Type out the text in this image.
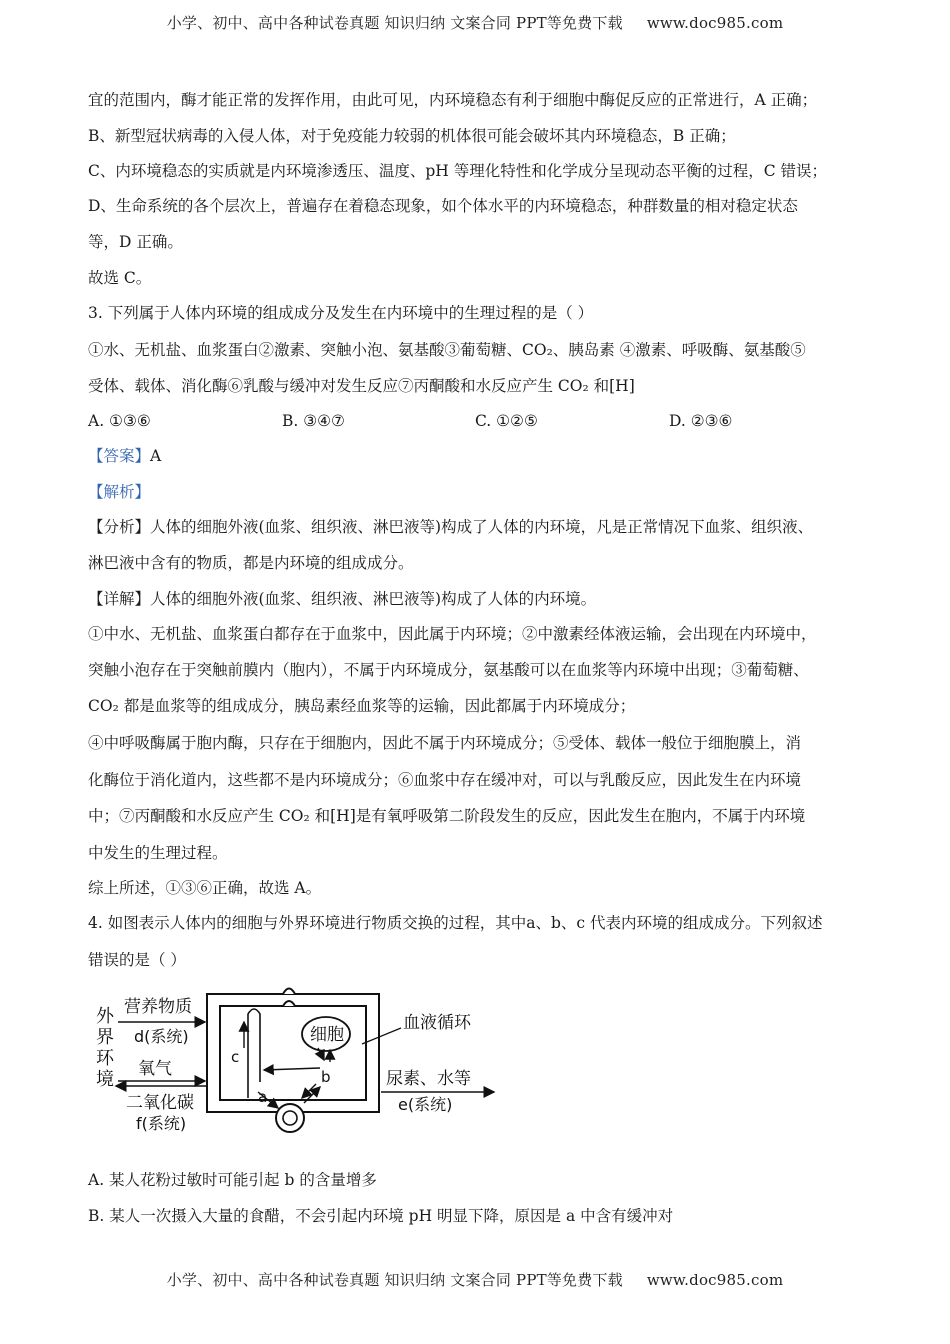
小学、初中、高中各种试卷真题 知识归纳 文案合同 PPT等免费下载 www.doc985.com
宜的范围内，酶才能正常的发挥作用，由此可见，内环境稳态有利于细胞中酶促反应的正常进行，A 正确；
B、新型冠状病毒的入侵人体，对于免疫能力较弱的机体很可能会破坏其内环境稳态，B 正确；
C、内环境稳态的实质就是内环境渗透压、温度、pH 等理化特性和化学成分呈现动态平衡的过程，C 错误；
D、生命系统的各个层次上，普遍存在着稳态现象，如个体水平的内环境稳态，种群数量的相对稳定状态
等，D 正确。
故选 C。
3. 下列属于人体内环境的组成成分及发生在内环境中的生理过程的是（ ）
①水、无机盐、血浆蛋白②激素、突触小泡、氨基酸③葡萄糖、CO₂、胰岛素 ④激素、呼吸酶、氨基酸⑤
受体、载体、消化酶⑥乳酸与缓冲对发生反应⑦丙酮酸和水反应产生 CO₂ 和[H]
A. ①③⑥	B. ③④⑦	C. ①②⑤	D. ②③⑥
【答案】A
【解析】
【分析】人体的细胞外液(血浆、组织液、淋巴液等)构成了人体的内环境，凡是正常情况下血浆、组织液、
淋巴液中含有的物质，都是内环境的组成成分。
【详解】人体的细胞外液(血浆、组织液、淋巴液等)构成了人体的内环境。
①中水、无机盐、血浆蛋白都存在于血浆中，因此属于内环境；②中激素经体液运输，会出现在内环境中，
突触小泡存在于突触前膜内（胞内），不属于内环境成分，氨基酸可以在血浆等内环境中出现；③葡萄糖、
CO₂ 都是血浆等的组成成分，胰岛素经血浆等的运输，因此都属于内环境成分；
④中呼吸酶属于胞内酶，只存在于细胞内，因此不属于内环境成分；⑤受体、载体一般位于细胞膜上，消
化酶位于消化道内，这些都不是内环境成分；⑥血浆中存在缓冲对，可以与乳酸反应，因此发生在内环境
中；⑦丙酮酸和水反应产生 CO₂ 和[H]是有氧呼吸第二阶段发生的反应，因此发生在胞内，不属于内环境
中发生的生理过程。
综上所述，①③⑥正确，故选 A。
4. 如图表示人体内的细胞与外界环境进行物质交换的过程，其中a、b、c 代表内环境的组成成分。下列叙述
错误的是（ ）
营养物质
d(系统)
外
界
环
境 氧气
二氧化碳
f(系统)
细胞
血液循环
尿素、水等
e(系统)
a
b
c
A. 某人花粉过敏时可能引起 b 的含量增多
B. 某人一次摄入大量的食醋，不会引起内环境 pH 明显下降，原因是 a 中含有缓冲对
小学、初中、高中各种试卷真题 知识归纳 文案合同 PPT等免费下载 www.doc985.com
